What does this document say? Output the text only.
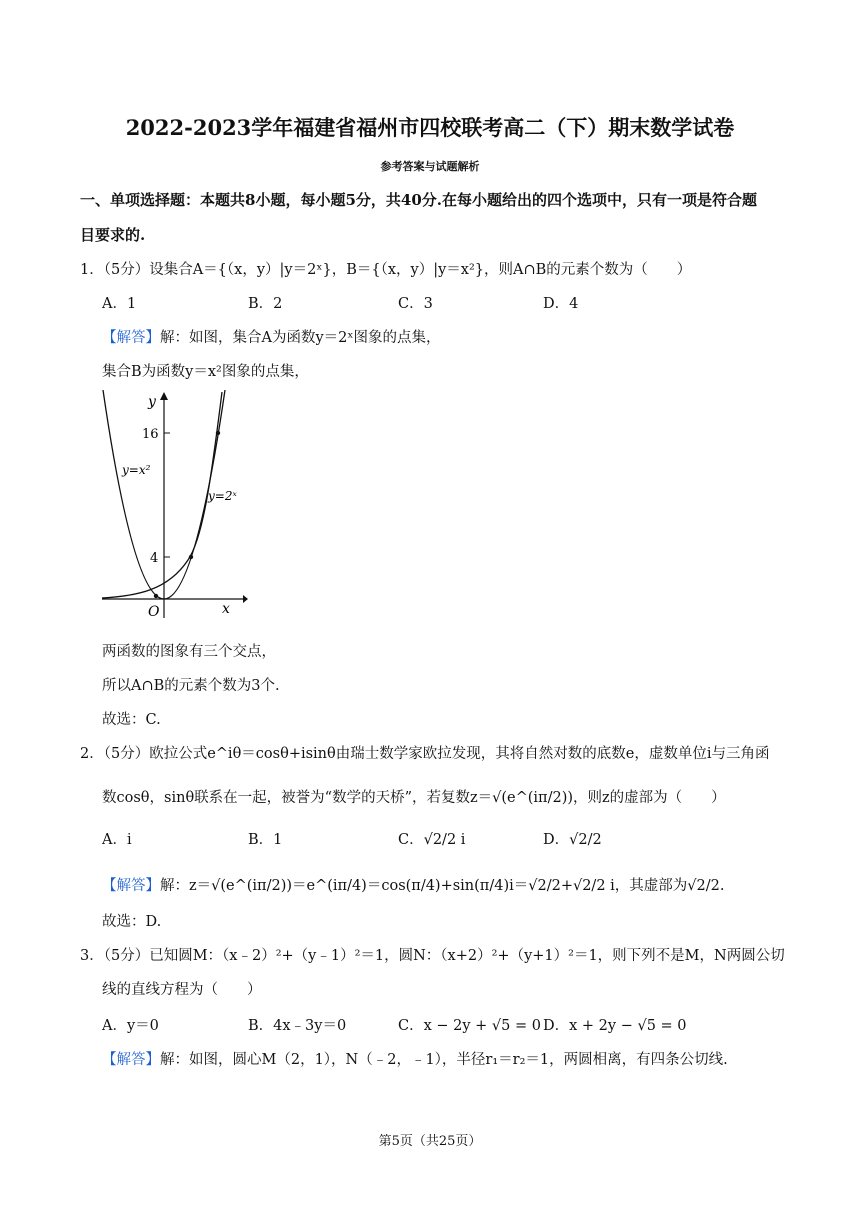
2022-2023学年福建省福州市四校联考高二（下）期末数学试卷
参考答案与试题解析
一、单项选择题：本题共8小题，每小题5分，共40分.在每小题给出的四个选项中，只有一项是符合题
目要求的.
1．（5分）设集合A＝{（x，y）|y＝2ˣ}，B＝{（x，y）|y＝x²}，则A∩B的元素个数为（　　）
A．1	B．2	C．3	D．4
【解答】解：如图，集合A为函数y＝2ˣ图象的点集，
集合B为函数y＝x²图象的点集，
y
x
O
16
4
y=x²
y=2ˣ
两函数的图象有三个交点，
所以A∩B的元素个数为3个.
故选：C.
2．（5分）欧拉公式e^iθ＝cosθ+isinθ由瑞士数学家欧拉发现，其将自然对数的底数e，虚数单位i与三角函
数cosθ，sinθ联系在一起，被誉为“数学的天桥”，若复数z＝√(e^(iπ/2))，则z的虚部为（　　）
A．i	B．1	C．√2/2 i	D．√2/2
【解答】解：z＝√(e^(iπ/2))＝e^(iπ/4)＝cos(π/4)+sin(π/4)i＝√2/2+√2/2 i，其虚部为√2/2.
故选：D.
3．（5分）已知圆M：（x﹣2）²+（y﹣1）²＝1，圆N：（x+2）²+（y+1）²＝1，则下列不是M，N两圆公切
线的直线方程为（　　）
A．y＝0	B．4x﹣3y＝0	C．x − 2y + √5 = 0 D．x + 2y − √5 = 0
【解答】解：如图，圆心M（2，1），N（﹣2，﹣1），半径r₁＝r₂＝1，两圆相离，有四条公切线.
第5页（共25页）
